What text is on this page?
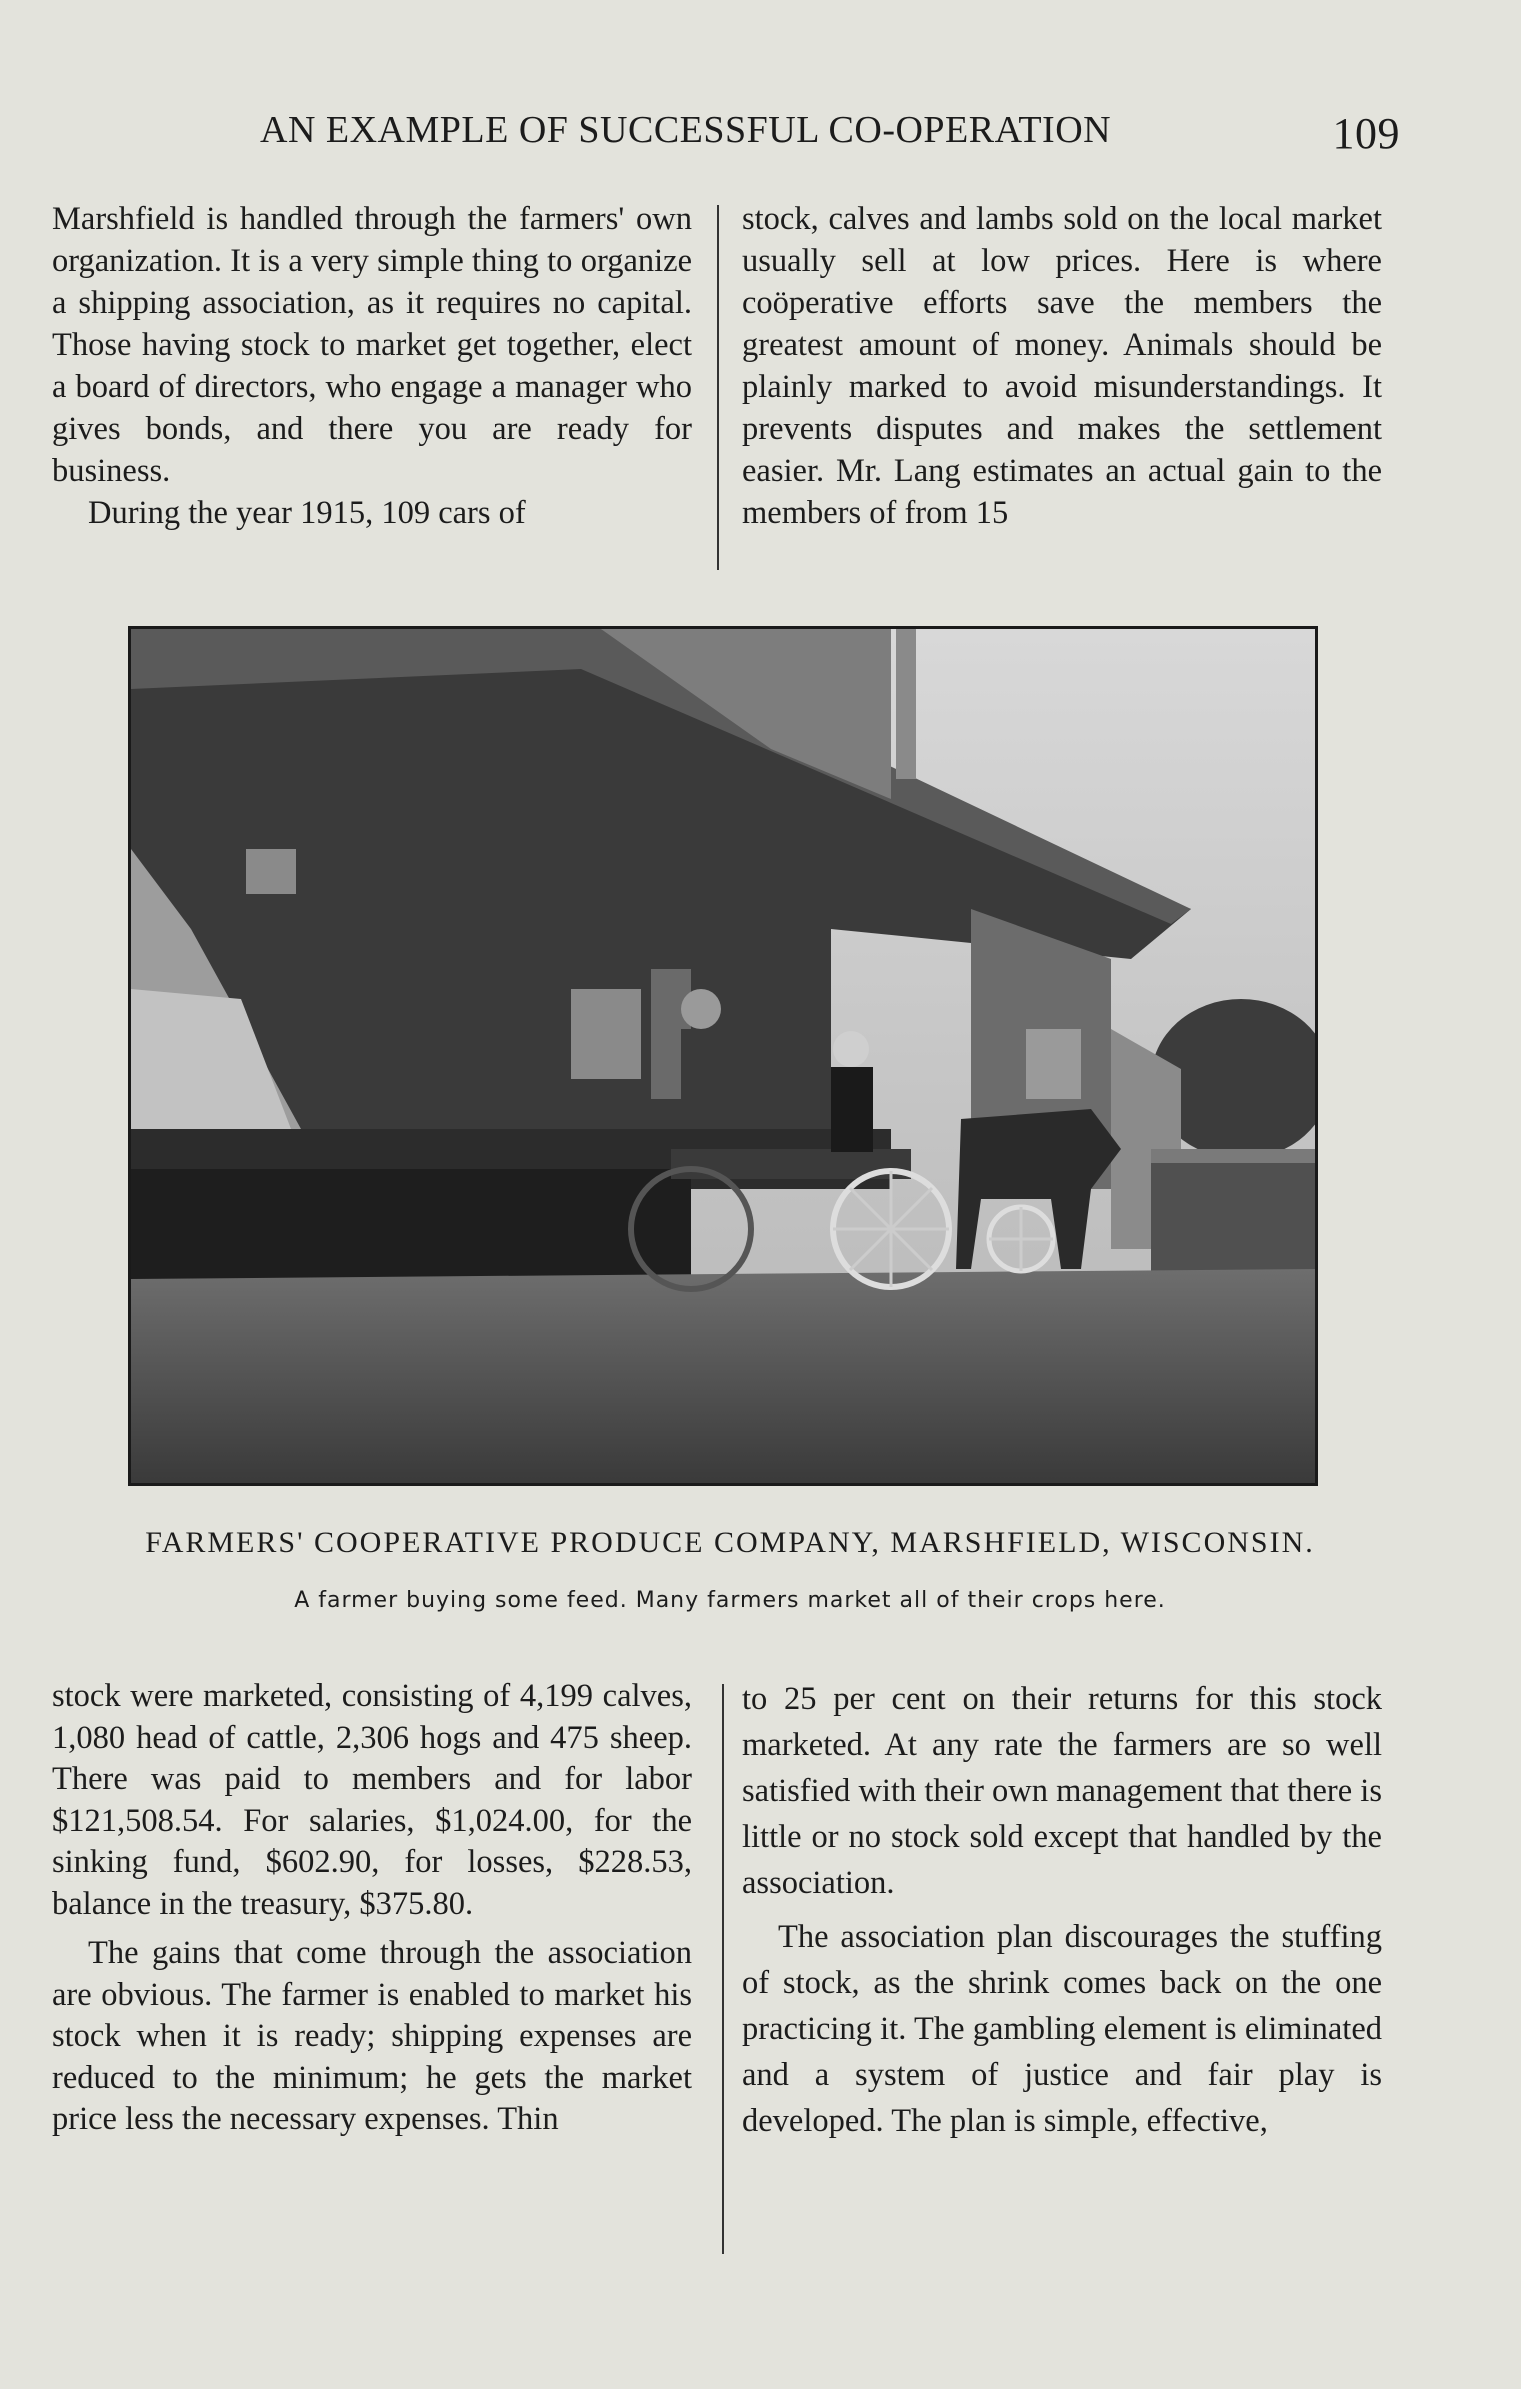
AN EXAMPLE OF SUCCESSFUL CO-OPERATION	109

Marshfield is handled through the farmers' own organization. It is a very simple thing to organize a shipping association, as it requires no capital. Those having stock to market get together, elect a board of directors, who engage a manager who gives bonds, and there you are ready for business.

During the year 1915, 109 cars of

stock, calves and lambs sold on the local market usually sell at low prices. Here is where coöperative efforts save the members the greatest amount of money. Animals should be plainly marked to avoid misunderstandings. It prevents disputes and makes the settlement easier. Mr. Lang estimates an actual gain to the members of from 15

FARMERS' COOPERATIVE PRODUCE COMPANY, MARSHFIELD, WISCONSIN.
A farmer buying some feed. Many farmers market all of their crops here.

stock were marketed, consisting of 4,199 calves, 1,080 head of cattle, 2,306 hogs and 475 sheep. There was paid to members and for labor $121,508.54. For salaries, $1,024.00, for the sinking fund, $602.90, for losses, $228.53, balance in the treasury, $375.80.

The gains that come through the association are obvious. The farmer is enabled to market his stock when it is ready; shipping expenses are reduced to the minimum; he gets the market price less the necessary expenses. Thin

to 25 per cent on their returns for this stock marketed. At any rate the farmers are so well satisfied with their own management that there is little or no stock sold except that handled by the association.

The association plan discourages the stuffing of stock, as the shrink comes back on the one practicing it. The gambling element is eliminated and a system of justice and fair play is developed. The plan is simple, effective,
